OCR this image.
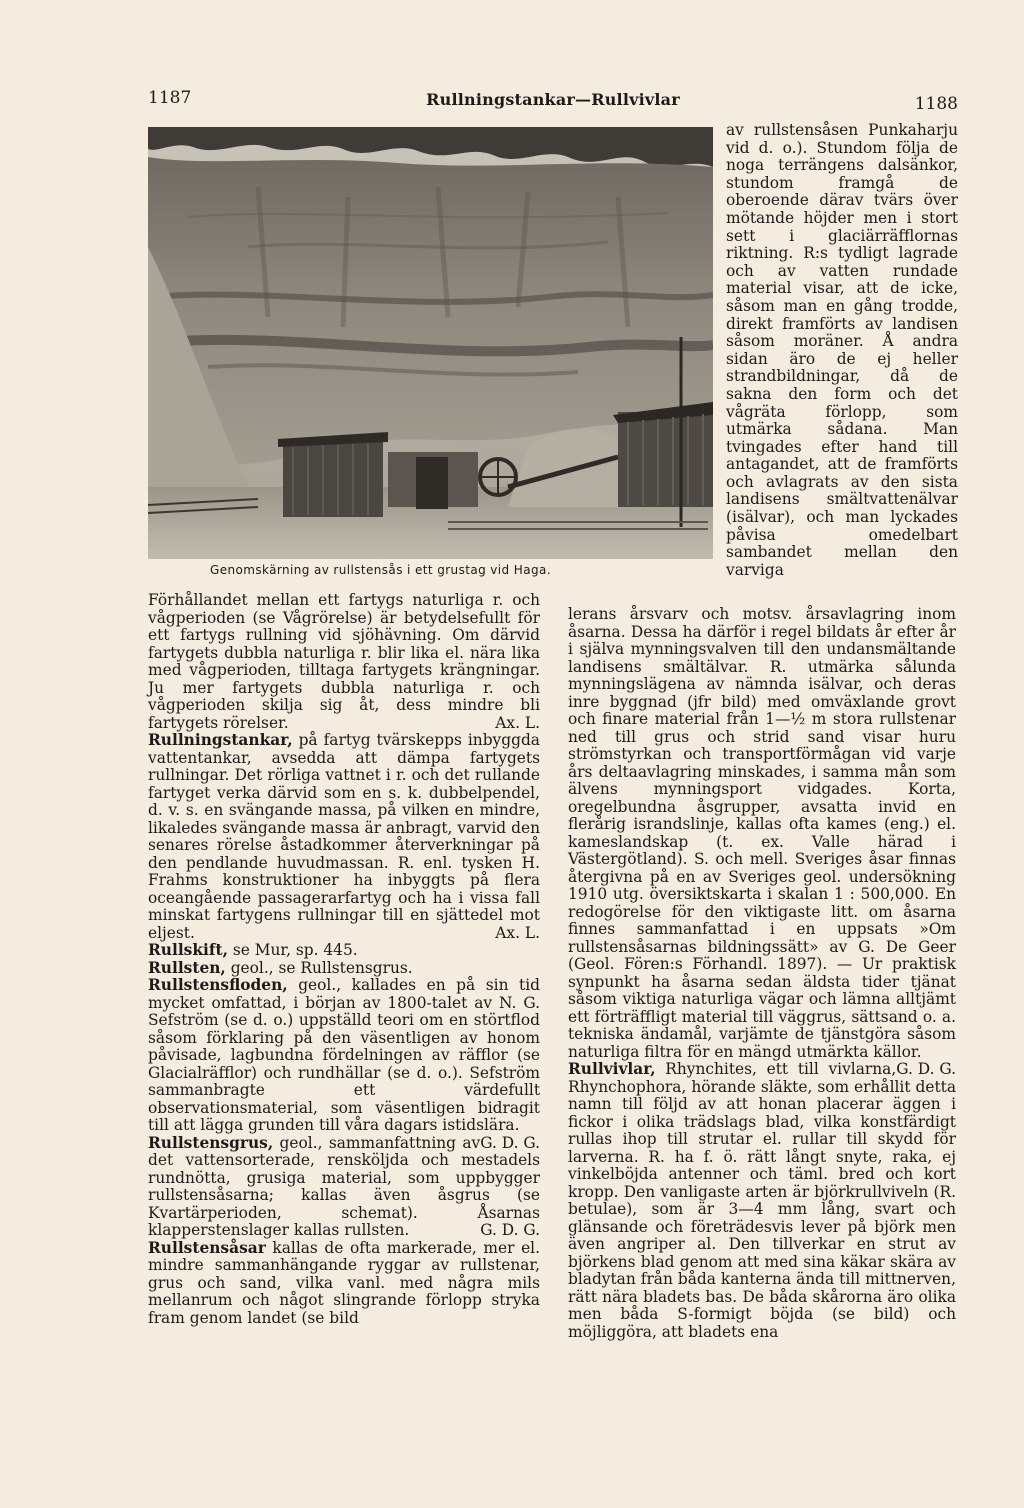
1187	Rullningstankar—Rullvivlar	1188
Genomskärning av rullstensås i ett grustag vid Haga.

av rullstensåsen Punkaharju vid d. o.). Stundom följa de noga terrängens dalsänkor, stundom framgå de oberoende därav tvärs över mötande höjder men i stort sett i glaciärräfflornas riktning. R:s tydligt lagrade och av vatten rundade material visar, att de icke, såsom man en gång trodde, direkt framförts av landisen såsom moräner. Å andra sidan äro de ej heller strandbildningar, då de sakna den form och det vågräta förlopp, som utmärka sådana. Man tvingades efter hand till antagandet, att de framförts och avlagrats av den sista landisens smältvattenälvar (isälvar), och man lyckades påvisa omedelbart sambandet mellan den varviga

Förhållandet mellan ett fartygs naturliga r. och vågperioden (se Vågrörelse) är betydelsefullt för ett fartygs rullning vid sjöhävning. Om därvid fartygets dubbla naturliga r. blir lika el. nära lika med vågperioden, tilltaga fartygets krängningar. Ju mer fartygets dubbla naturliga r. och vågperioden skilja sig åt, dess mindre bli fartygets rörelser.	Ax. L.

Rullningstankar, på fartyg tvärskepps inbyggda vattentankar, avsedda att dämpa fartygets rullningar. Det rörliga vattnet i r. och det rullande fartyget verka därvid som en s. k. dubbelpendel, d. v. s. en svängande massa, på vilken en mindre, likaledes svängande massa är anbragt, varvid den senares rörelse åstadkommer återverkningar på den pendlande huvudmassan. R. enl. tysken H. Frahms konstruktioner ha inbyggts på flera oceangående passagerarfartyg och ha i vissa fall minskat fartygens rullningar till en sjättedel mot eljest.	Ax. L.

Rullskift, se Mur, sp. 445.

Rullsten, geol., se Rullstensgrus.

Rullstensfloden, geol., kallades en på sin tid mycket omfattad, i början av 1800-talet av N. G. Sefström (se d. o.) uppställd teori om en störtflod såsom förklaring på den väsentligen av honom påvisade, lagbundna fördelningen av räfflor (se Glacialräfflor) och rundhällar (se d. o.). Sefström sammanbragte ett värdefullt observationsmaterial, som väsentligen bidragit till att lägga grunden till våra dagars istidslära.
G. D. G.

Rullstensgrus, geol., sammanfattning av det vattensorterade, rensköljda och mestadels rundnötta, grusiga material, som uppbygger rullstensåsarna; kallas även åsgrus (se Kvartärperioden, schemat). Åsarnas klapperstenslager kallas rullsten.	G. D. G.

Rullstensåsar kallas de ofta markerade, mer el. mindre sammanhängande ryggar av rullstenar, grus och sand, vilka vanl. med några mils mellanrum och något slingrande förlopp stryka fram genom landet (se bild

lerans årsvarv och motsv. årsavlagring inom åsarna. Dessa ha därför i regel bildats år efter år i själva mynningsvalven till den undansmältande landisens smältälvar. R. utmärka sålunda mynningslägena av nämnda isälvar, och deras inre byggnad (jfr bild) med omväxlande grovt och finare material från 1—½ m stora rullstenar ned till grus och strid sand visar huru strömstyrkan och transportförmågan vid varje års deltaavlagring minskades, i samma mån som älvens mynningsport vidgades. Korta, oregelbundna åsgrupper, avsatta invid en flerårig israndslinje, kallas ofta kames (eng.) el. kameslandskap (t. ex. Valle härad i Västergötland). S. och mell. Sveriges åsar finnas återgivna på en av Sveriges geol. undersökning 1910 utg. översiktskarta i skalan 1 : 500,000. En redogörelse för den viktigaste litt. om åsarna finnes sammanfattad i en uppsats »Om rullstensåsarnas bildningssätt» av G. De Geer (Geol. Fören:s Förhandl. 1897). — Ur praktisk synpunkt ha åsarna sedan äldsta tider tjänat såsom viktiga naturliga vägar och lämna alltjämt ett förträffligt material till väggrus, sättsand o. a. tekniska ändamål, varjämte de tjänstgöra såsom naturliga filtra för en mängd utmärkta källor.
G. D. G.

Rullvivlar, Rhynchites, ett till vivlarna, Rhynchophora, hörande släkte, som erhållit detta namn till följd av att honan placerar äggen i fickor i olika trädslags blad, vilka konstfärdigt rullas ihop till strutar el. rullar till skydd för larverna. R. ha f. ö. rätt långt snyte, raka, ej vinkelböjda antenner och täml. bred och kort kropp. Den vanligaste arten är björkrullviveln (R. betulae), som är 3—4 mm lång, svart och glänsande och företrädesvis lever på björk men även angriper al. Den tillverkar en strut av björkens blad genom att med sina käkar skära av bladytan från båda kanterna ända till mittnerven, rätt nära bladets bas. De båda skårorna äro olika men båda S-formigt böjda (se bild) och möjliggöra, att bladets ena
